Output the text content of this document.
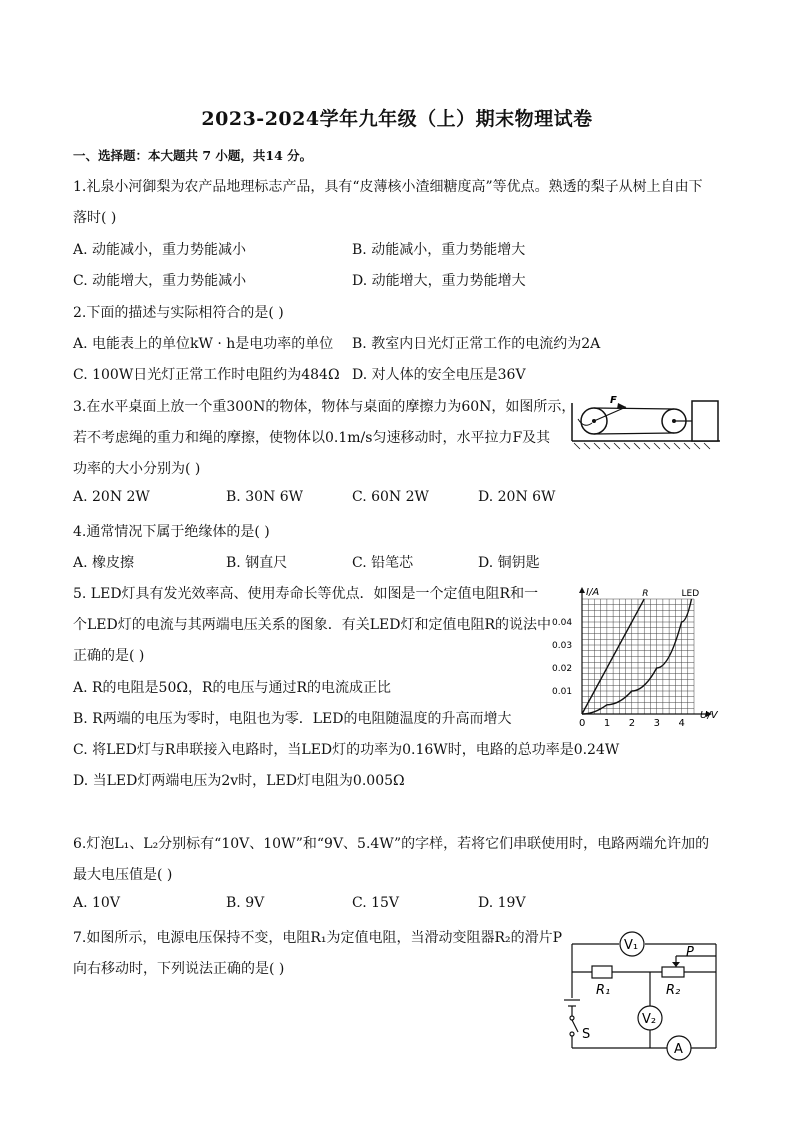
2023-2024学年九年级（上）期末物理试卷
一、选择题：本大题共 7 小题，共14 分。
1.礼泉小河御梨为农产品地理标志产品，具有“皮薄核小渣细糖度高”等优点。熟透的梨子从树上自由下
落时( )
A. 动能减小，重力势能减小	B. 动能减小，重力势能增大
C. 动能增大，重力势能减小	D. 动能增大，重力势能增大
2.下面的描述与实际相符合的是( )
A. 电能表上的单位kW · h是电功率的单位 B. 教室内日光灯正常工作的电流约为2A
C. 100W日光灯正常工作时电阻约为484Ω D. 对人体的安全电压是36V
3.在水平桌面上放一个重300N的物体，物体与桌面的摩擦力为60N，如图所示，
若不考虑绳的重力和绳的摩擦，使物体以0.1m/s匀速移动时，水平拉力F及其
功率的大小分别为( )
A. 20N 2W	B. 30N 6W	C. 60N 2W	D. 20N 6W
F
4.通常情况下属于绝缘体的是( )
A. 橡皮擦	B. 钢直尺	C. 铅笔芯	D. 铜钥匙
5. LED灯具有发光效率高、使用寿命长等优点．如图是一个定值电阻R和一
个LED灯的电流与其两端电压关系的图象．有关LED灯和定值电阻R的说法中
正确的是( )
A. R的电阻是50Ω，R的电压与通过R的电流成正比
B. R两端的电压为零时，电阻也为零．LED的电阻随温度的升高而增大
C. 将LED灯与R串联接入电路时，当LED灯的功率为0.16W时，电路的总功率是0.24W
D. 当LED灯两端电压为2v时，LED灯电阻为0.005Ω
0 1 2 3 4
0.01
0.02
0.03
0.04
U/V
I/A	R	LED
6.灯泡L₁、L₂分别标有“10V、10W”和“9V、5.4W”的字样，若将它们串联使用时，电路两端允许加的
最大电压值是( )
A. 10V	B. 9V	C. 15V	D. 19V
7.如图所示，电源电压保持不变，电阻R₁为定值电阻，当滑动变阻器R₂的滑片P
向右移动时，下列说法正确的是( )
V₁
V₂
A
R₁	R₂
P
S
